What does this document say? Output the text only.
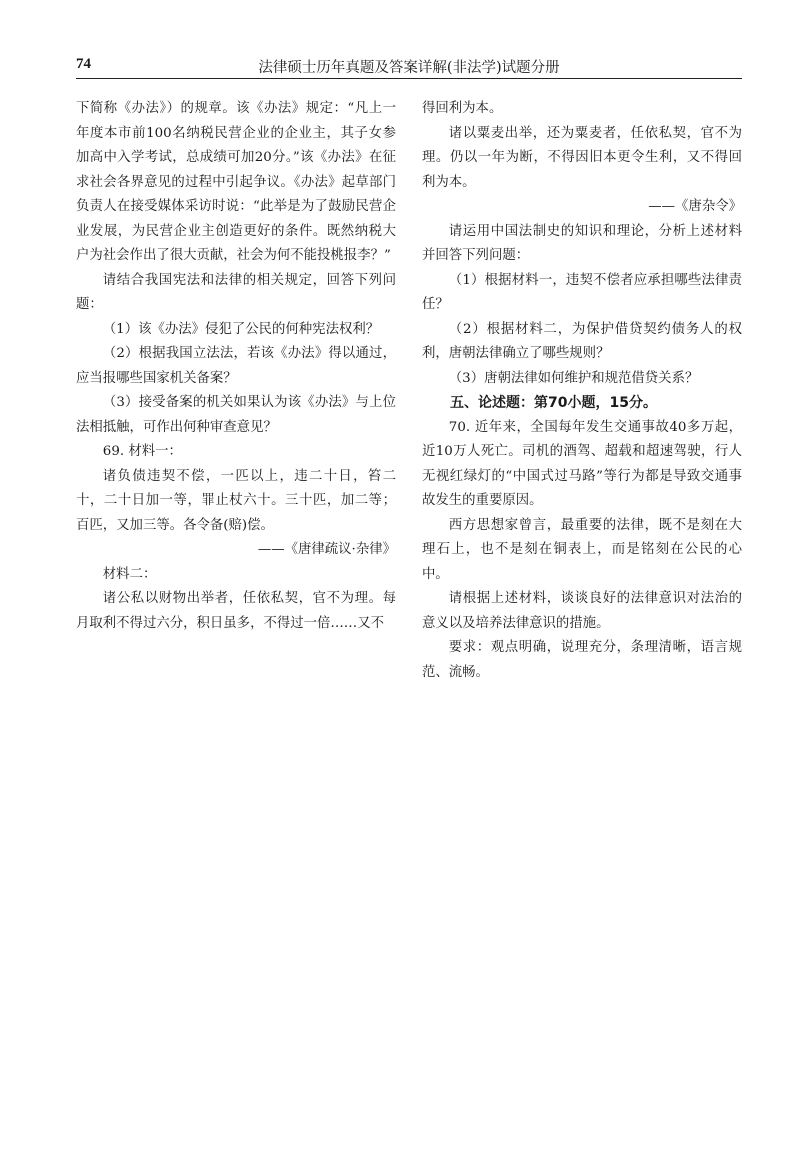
74	法律硕士历年真题及答案详解(非法学)试题分册

下简称《办法》）的规章。该《办法》规定：“凡上一年度本市前100名纳税民营企业的企业主，其子女参加高中入学考试，总成绩可加20分。”该《办法》在征求社会各界意见的过程中引起争议。《办法》起草部门负责人在接受媒体采访时说：“此举是为了鼓励民营企业发展，为民营企业主创造更好的条件。既然纳税大户为社会作出了很大贡献，社会为何不能投桃报李？”

请结合我国宪法和法律的相关规定，回答下列问题：

（1）该《办法》侵犯了公民的何种宪法权利？

（2）根据我国立法法，若该《办法》得以通过，应当报哪些国家机关备案？

（3）接受备案的机关如果认为该《办法》与上位法相抵触，可作出何种审查意见？

69. 材料一：

诸负债违契不偿，一匹以上，违二十日，笞二十，二十日加一等，罪止杖六十。三十匹，加二等；百匹，又加三等。各令备(赔)偿。

——《唐律疏议·杂律》

材料二：

诸公私以财物出举者，任依私契，官不为理。每月取利不得过六分，积日虽多，不得过一倍……又不

得回利为本。

诸以粟麦出举，还为粟麦者，任依私契，官不为理。仍以一年为断，不得因旧本更令生利，又不得回利为本。

——《唐杂令》

请运用中国法制史的知识和理论，分析上述材料并回答下列问题：

（1）根据材料一，违契不偿者应承担哪些法律责任？

（2）根据材料二，为保护借贷契约债务人的权利，唐朝法律确立了哪些规则？

（3）唐朝法律如何维护和规范借贷关系？

五、论述题：第70小题，15分。

70. 近年来，全国每年发生交通事故40多万起，近10万人死亡。司机的酒驾、超载和超速驾驶，行人无视红绿灯的“中国式过马路”等行为都是导致交通事故发生的重要原因。

西方思想家曾言，最重要的法律，既不是刻在大理石上，也不是刻在铜表上，而是铭刻在公民的心中。

请根据上述材料，谈谈良好的法律意识对法治的意义以及培养法律意识的措施。

要求：观点明确，说理充分，条理清晰，语言规范、流畅。
